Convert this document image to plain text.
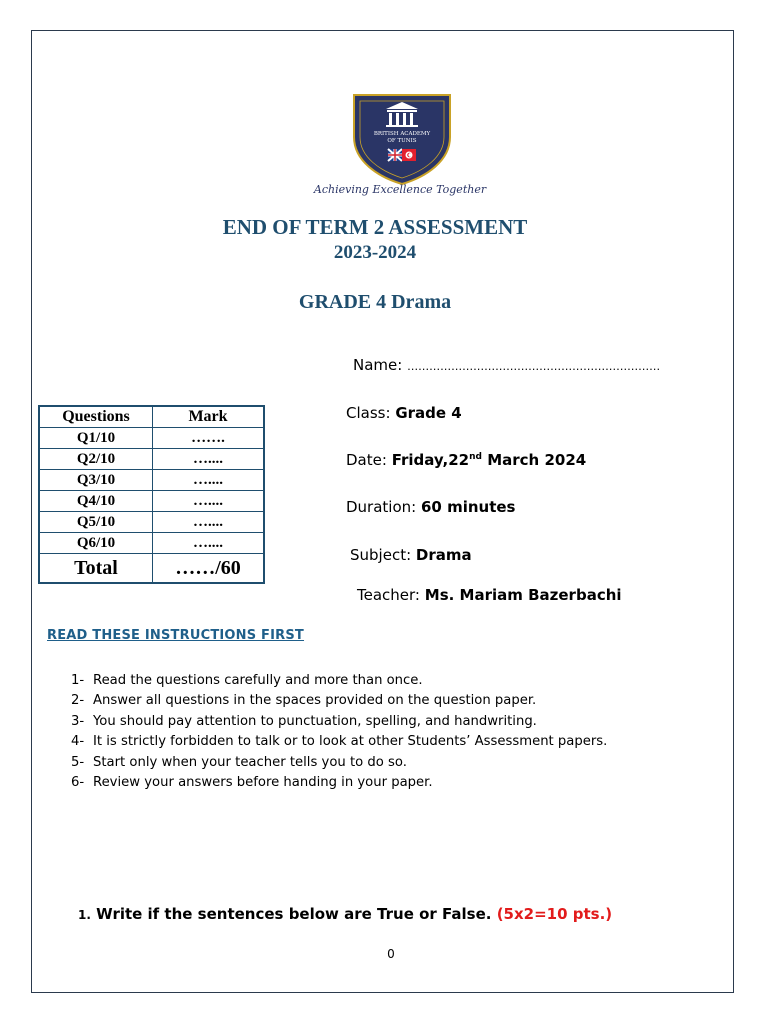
BRITISH ACADEMY
OF TUNIS
Achieving Excellence Together
END OF TERM 2 ASSESSMENT
2023-2024
GRADE 4 Drama
Name: ……………………………………………………………
Class: Grade 4
Date: Friday,22nd March 2024
Duration: 60 minutes
Subject: Drama
Teacher: Ms. Mariam Bazerbachi
Questions	Mark
Q1/10	…….
Q2/10	…....
Q3/10	…....
Q4/10	…....
Q5/10	…....
Q6/10	…....
Total	……/60
READ THESE INSTRUCTIONS FIRST
1- Read the questions carefully and more than once.
2- Answer all questions in the spaces provided on the question paper.
3- You should pay attention to punctuation, spelling, and handwriting.
4- It is strictly forbidden to talk or to look at other Students’ Assessment papers.
5- Start only when your teacher tells you to do so.
6- Review your answers before handing in your paper.
1. Write if the sentences below are True or False. (5x2=10 pts.)
0
